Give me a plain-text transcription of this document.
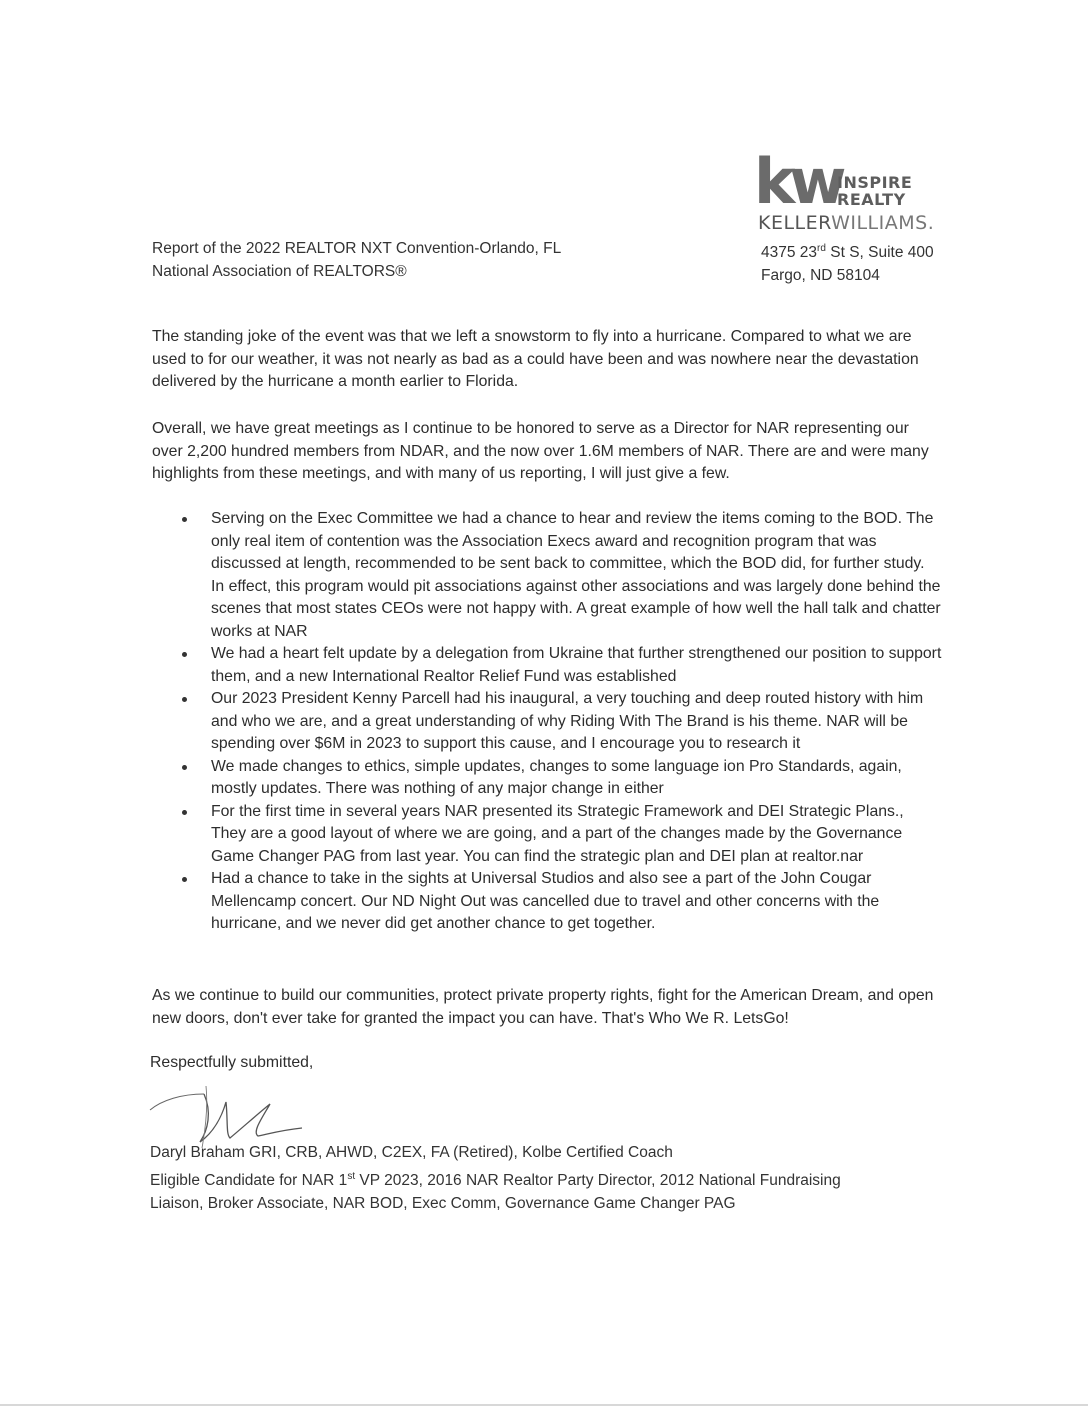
kw
INSPIRE
REALTY
KELLERWILLIAMS.
4375 23rd St S, Suite 400
Fargo, ND 58104
Report of the 2022 REALTOR NXT Convention-Orlando, FL
National Association of REALTORS®
The standing joke of the event was that we left a snowstorm to fly into a hurricane. Compared to what we are used to for our weather, it was not nearly as bad as a could have been and was nowhere near the devastation delivered by the hurricane a month earlier to Florida.
Overall, we have great meetings as I continue to be honored to serve as a Director for NAR representing our over 2,200 hundred members from NDAR, and the now over 1.6M members of NAR. There are and were many highlights from these meetings, and with many of us reporting, I will just give a few.
Serving on the Exec Committee we had a chance to hear and review the items coming to the BOD. The only real item of contention was the Association Execs award and recognition program that was discussed at length, recommended to be sent back to committee, which the BOD did, for further study. In effect, this program would pit associations against other associations and was largely done behind the scenes that most states CEOs were not happy with. A great example of how well the hall talk and chatter works at NAR
We had a heart felt update by a delegation from Ukraine that further strengthened our position to support them, and a new International Realtor Relief Fund was established
Our 2023 President Kenny Parcell had his inaugural, a very touching and deep routed history with him and who we are, and a great understanding of why Riding With The Brand is his theme. NAR will be spending over $6M in 2023 to support this cause, and I encourage you to research it
We made changes to ethics, simple updates, changes to some language ion Pro Standards, again, mostly updates. There was nothing of any major change in either
For the first time in several years NAR presented its Strategic Framework and DEI Strategic Plans., They are a good layout of where we are going, and a part of the changes made by the Governance Game Changer PAG from last year. You can find the strategic plan and DEI plan at realtor.nar
Had a chance to take in the sights at Universal Studios and also see a part of the John Cougar Mellencamp concert. Our ND Night Out was cancelled due to travel and other concerns with the hurricane, and we never did get another chance to get together.
As we continue to build our communities, protect private property rights, fight for the American Dream, and open new doors, don't ever take for granted the impact you can have. That's Who We R. LetsGo!
Respectfully submitted,
Daryl Braham GRI, CRB, AHWD, C2EX, FA (Retired), Kolbe Certified Coach
Eligible Candidate for NAR 1st VP 2023, 2016 NAR Realtor Party Director, 2012 National Fundraising
Liaison, Broker Associate, NAR BOD, Exec Comm, Governance Game Changer PAG
